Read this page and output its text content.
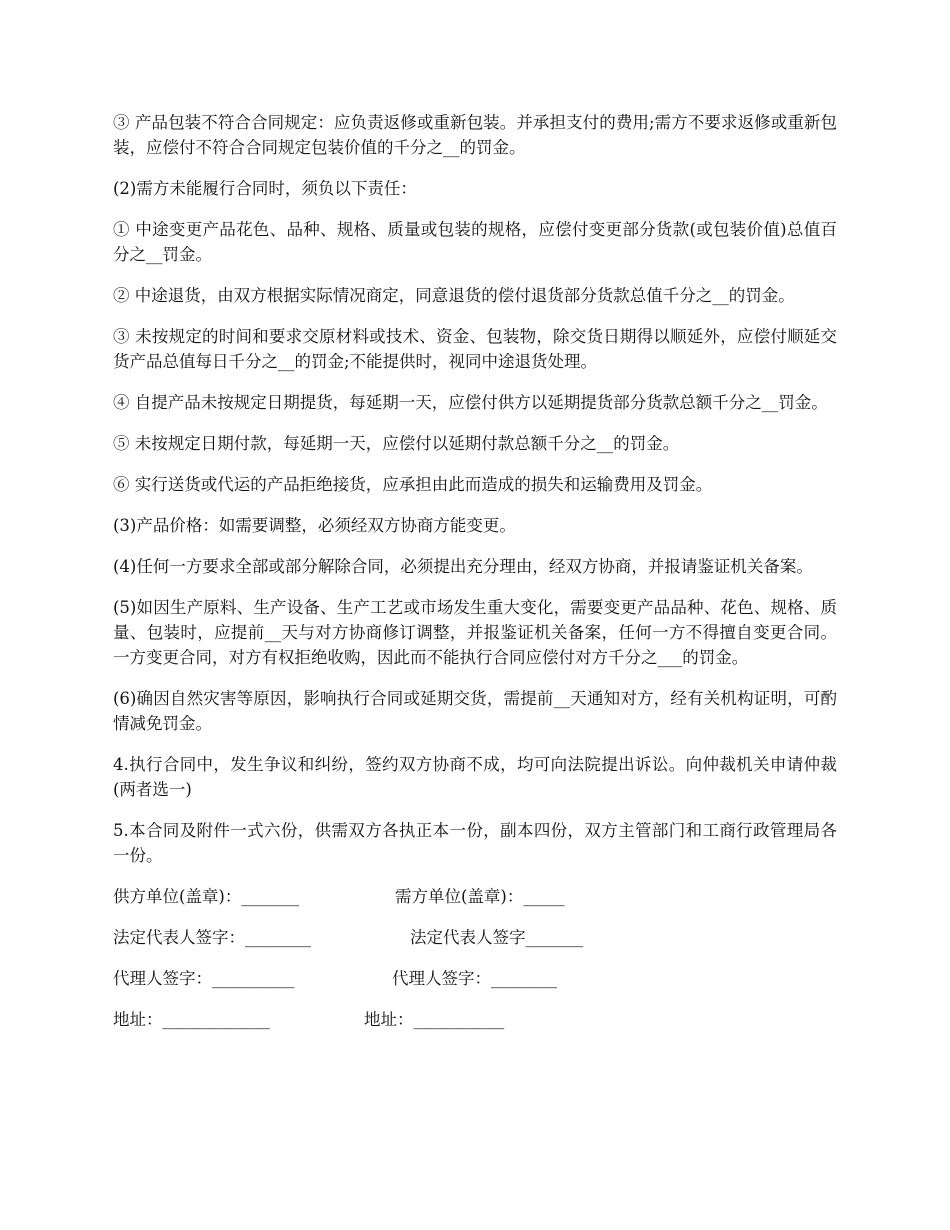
③ 产品包装不符合合同规定：应负责返修或重新包装。并承担支付的费用;需方不要求返修或重新包装，应偿付不符合合同规定包装价值的千分之__的罚金。

(2)需方未能履行合同时，须负以下责任：

① 中途变更产品花色、品种、规格、质量或包装的规格，应偿付变更部分货款(或包装价值)总值百分之__罚金。

② 中途退货，由双方根据实际情况商定，同意退货的偿付退货部分货款总值千分之__的罚金。

③ 未按规定的时间和要求交原材料或技术、资金、包装物，除交货日期得以顺延外，应偿付顺延交货产品总值每日千分之__的罚金;不能提供时，视同中途退货处理。

④ 自提产品未按规定日期提货，每延期一天，应偿付供方以延期提货部分货款总额千分之__罚金。

⑤ 未按规定日期付款，每延期一天，应偿付以延期付款总额千分之__的罚金。

⑥ 实行送货或代运的产品拒绝接货，应承担由此而造成的损失和运输费用及罚金。

(3)产品价格：如需要调整，必须经双方协商方能变更。

(4)任何一方要求全部或部分解除合同，必须提出充分理由，经双方协商，并报请鉴证机关备案。

(5)如因生产原料、生产设备、生产工艺或市场发生重大变化，需要变更产品品种、花色、规格、质量、包装时，应提前__天与对方协商修订调整，并报鉴证机关备案，任何一方不得擅自变更合同。一方变更合同，对方有权拒绝收购，因此而不能执行合同应偿付对方千分之___的罚金。

(6)确因自然灾害等原因，影响执行合同或延期交货，需提前__天通知对方，经有关机构证明，可酌情减免罚金。

4.执行合同中，发生争议和纠纷，签约双方协商不成，均可向法院提出诉讼。向仲裁机关申请仲裁(两者选一)

5.本合同及附件一式六份，供需双方各执正本一份，副本四份，双方主管部门和工商行政管理局各一份。

供方单位(盖章)：_______	需方单位(盖章)：_____
法定代表人签字：________	法定代表人签字_______
代理人签字：__________	代理人签字：________
地址：_____________	地址：___________
